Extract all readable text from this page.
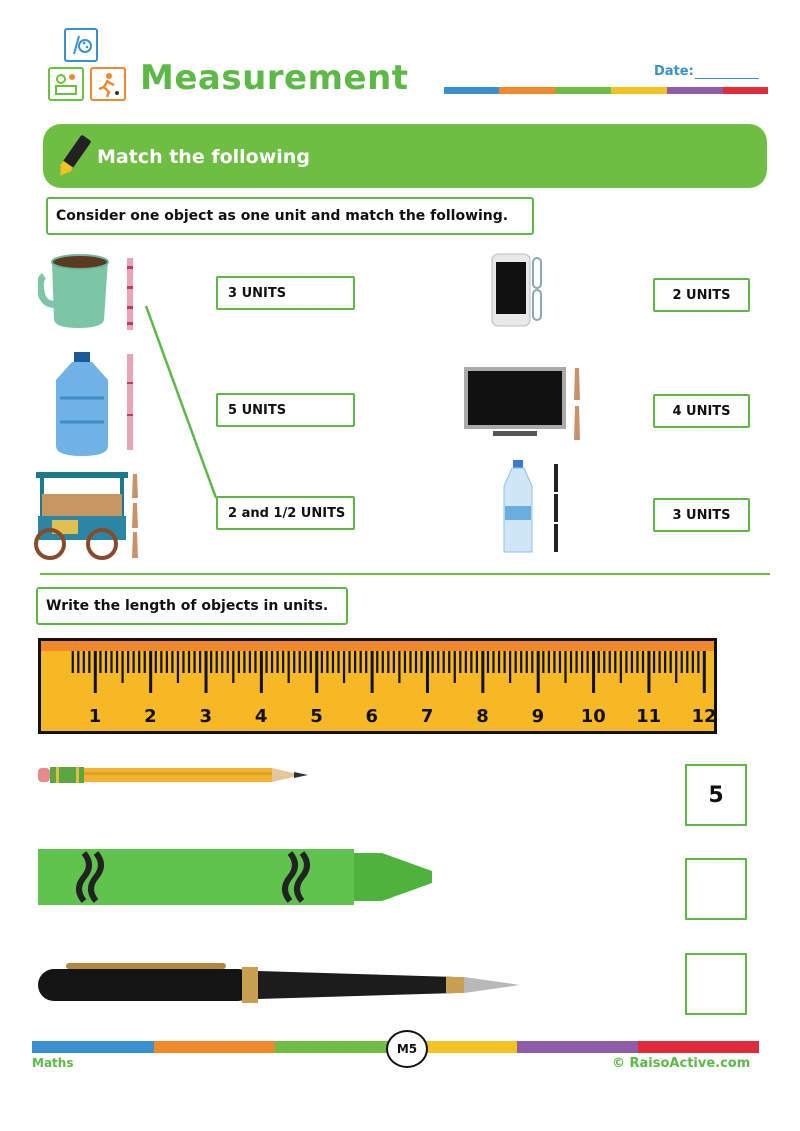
Measurement	Date:
Match the following
Consider one object as one unit and match the following.
3 UNITS
5 UNITS
2 and 1/2 UNITS
2 UNITS
4 UNITS
3 UNITS
Write the length of objects in units.
1 2 3 4 5 6 7 8 9 10 11 12
5
M5
Maths	© RaisoActive.com
